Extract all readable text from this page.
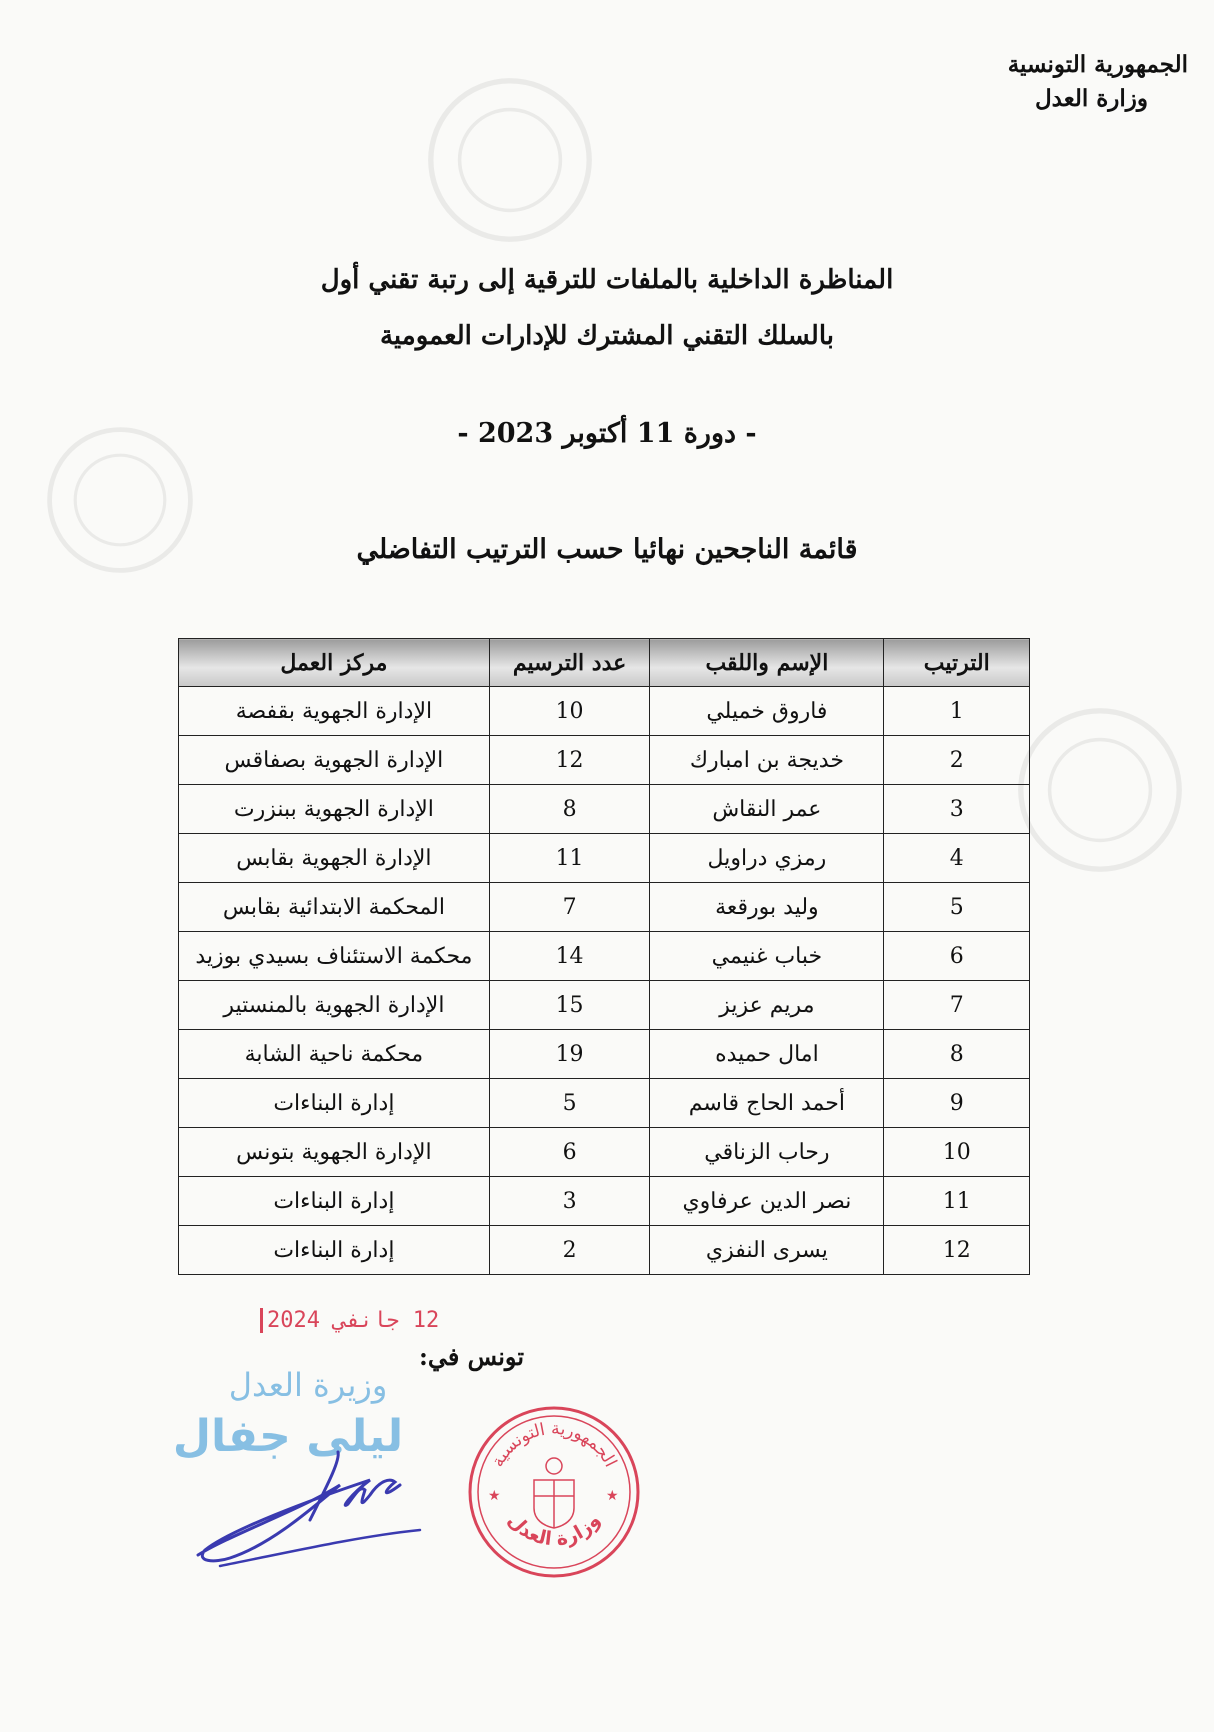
الجمهورية التونسية
وزارة العدل
المناظرة الداخلية بالملفات للترقية إلى رتبة تقني أول
بالسلك التقني المشترك للإدارات العمومية
- دورة 11 أكتوبر 2023 -
قائمة الناجحين نهائيا حسب الترتيب التفاضلي
الترتيب	الإسم واللقب	عدد الترسيم	مركز العمل
1	فاروق خميلي	10	الإدارة الجهوية بقفصة
2	خديجة بن امبارك	12	الإدارة الجهوية بصفاقس
3	عمر النقاش	8	الإدارة الجهوية ببنزرت
4	رمزي دراويل	11	الإدارة الجهوية بقابس
5	وليد بورقعة	7	المحكمة الابتدائية بقابس
6	خباب غنيمي	14	محكمة الاستئناف بسيدي بوزيد
7	مريم عزيز	15	الإدارة الجهوية بالمنستير
8	امال حميده	19	محكمة ناحية الشابة
9	أحمد الحاج قاسم	5	إدارة البناءات
10	رحاب الزناقي	6	الإدارة الجهوية بتونس
11	نصر الدين عرفاوي	3	إدارة البناءات
12	يسرى النفزي	2	إدارة البناءات
تونس في:
12 جانفي 2024
وزيرة العدل
ليلى جفال	الجمهورية التونسية
وزارة العدل
★	★
